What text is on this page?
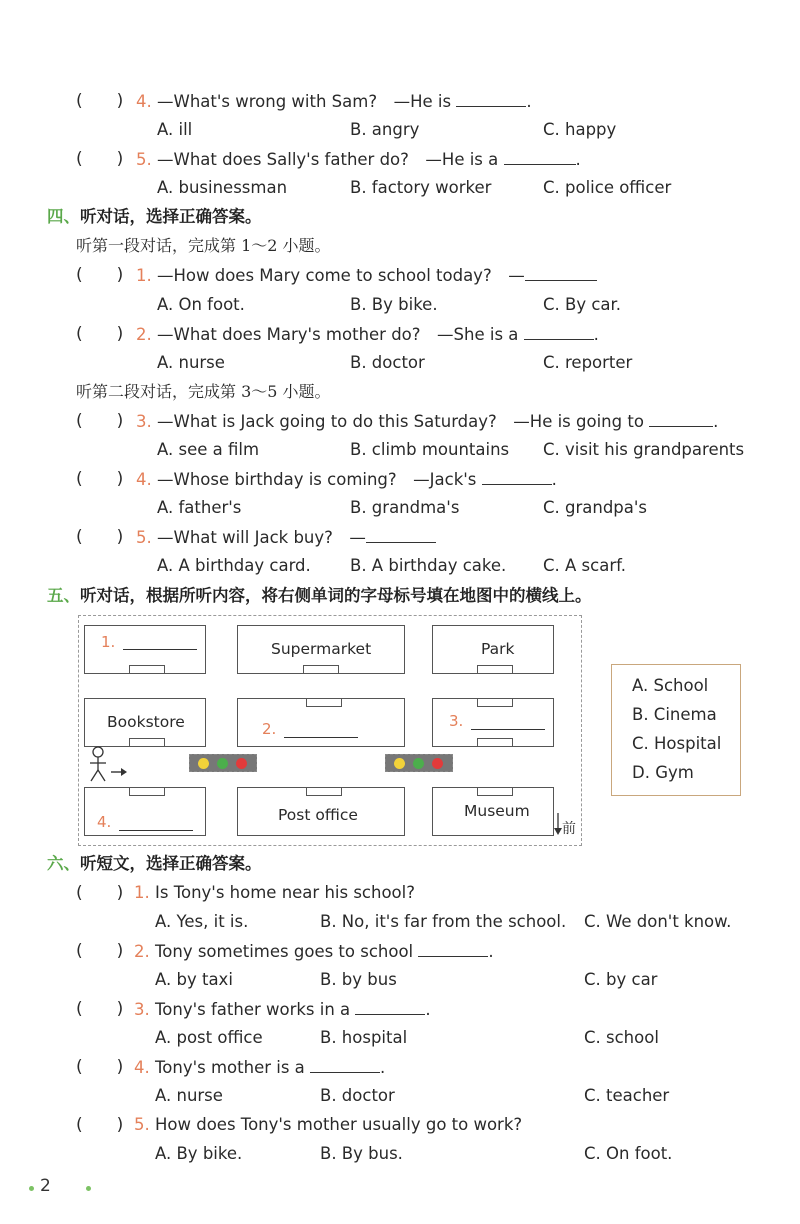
(　　) 4. —What's wrong with Sam?　—He is	.
A. ill	B. angry	C. happy
(　　) 5. —What does Sally's father do?　—He is a	.
A. businessman	B. factory worker	C. police officer
四、听对话，选择正确答案。
听第一段对话，完成第 1～2 小题。
(　　) 1. —How does Mary come to school today?　—
A. On foot.	B. By bike.	C. By car.
(　　) 2. —What does Mary's mother do?　—She is a	.
A. nurse	B. doctor	C. reporter
听第二段对话，完成第 3～5 小题。
(　　) 3. —What is Jack going to do this Saturday?　—He is going to	.
A. see a film	B. climb mountains C. visit his grandparents
(　　) 4. —Whose birthday is coming?　—Jack's	.
A. father's	B. grandma's	C. grandpa's
(　　) 5. —What will Jack buy?　—
A. A birthday card. B. A birthday cake. C. A scarf.
五、听对话，根据所听内容，将右侧单词的字母标号填在地图中的横线上。
1.	Supermarket	Park
Bookstore	2.	3.
4.	Post office	Museum
前
A. School
B. Cinema
C. Hospital
D. Gym
六、听短文，选择正确答案。
(　　) 1. Is Tony's home near his school?
A. Yes, it is.	B. No, it's far from the school. C. We don't know.
(　　) 2. Tony sometimes goes to school	.
A. by taxi	B. by bus	C. by car
(　　) 3. Tony's father works in a	.
A. post office	B. hospital	C. school
(　　) 4. Tony's mother is a	.
A. nurse	B. doctor	C. teacher
(　　) 5. How does Tony's mother usually go to work?
A. By bike.	B. By bus.	C. On foot.
2
